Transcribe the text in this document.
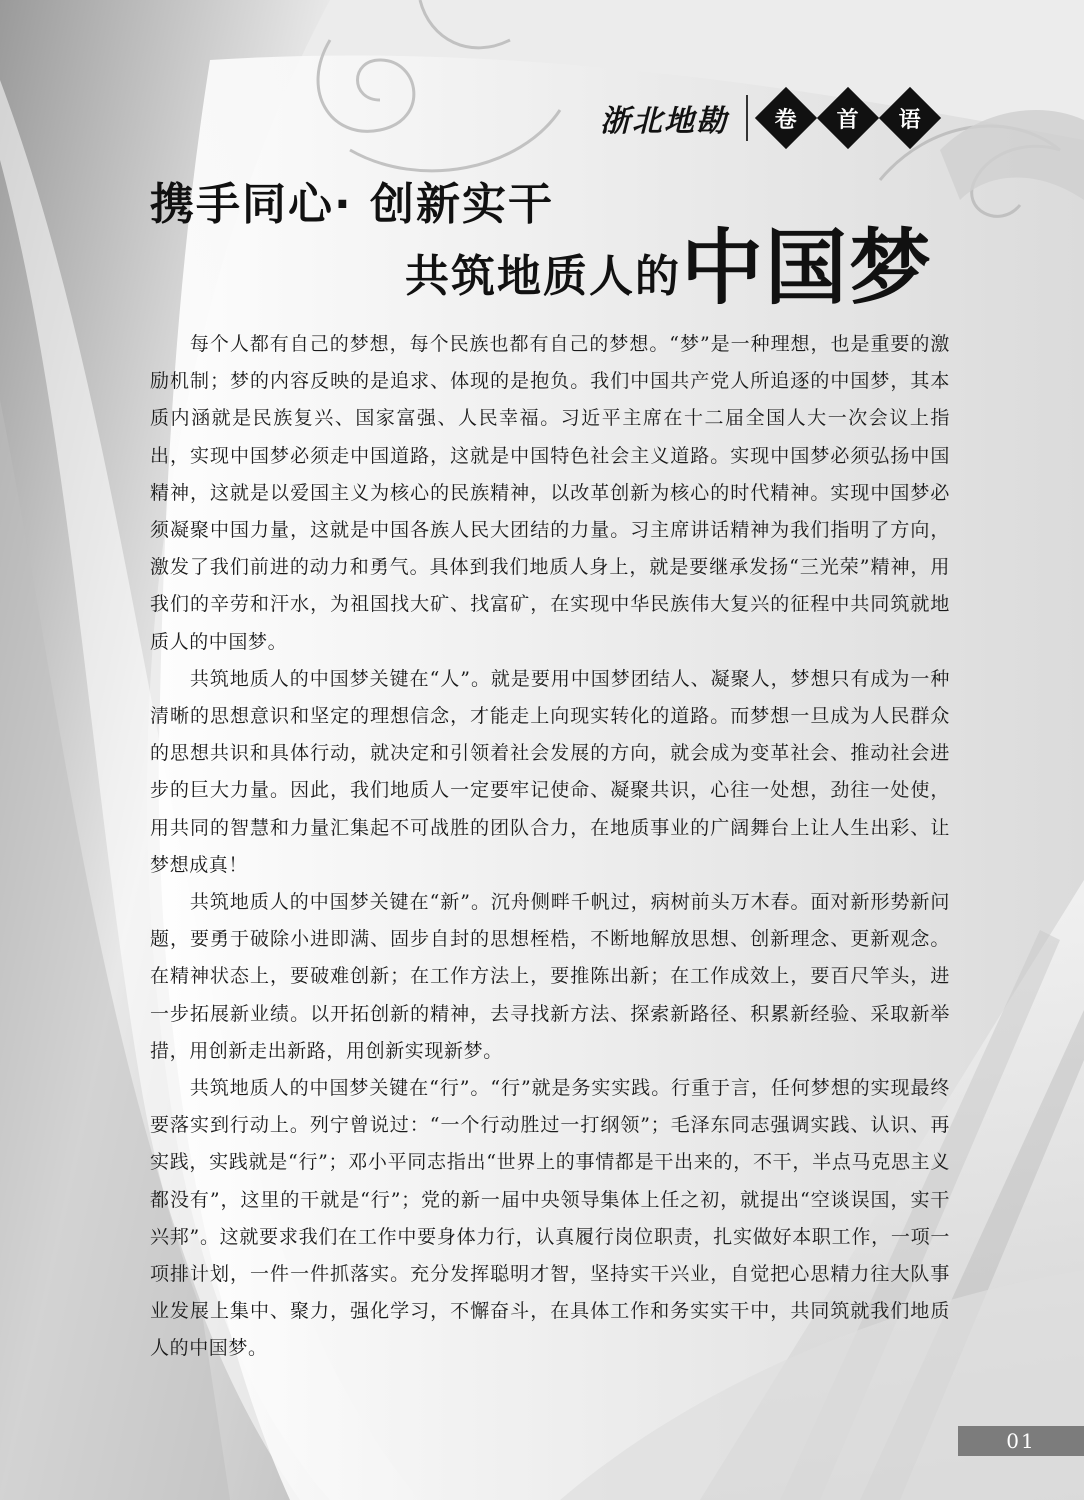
浙北地勘 卷 首 语
携手同心· 创新实干
共筑地质人的 中国梦

每个人都有自己的梦想，每个民族也都有自己的梦想。“梦”是一种理想，也是重要的激励机制；梦的内容反映的是追求、体现的是抱负。我们中国共产党人所追逐的中国梦，其本质内涵就是民族复兴、国家富强、人民幸福。习近平主席在十二届全国人大一次会议上指出，实现中国梦必须走中国道路，这就是中国特色社会主义道路。实现中国梦必须弘扬中国精神，这就是以爱国主义为核心的民族精神，以改革创新为核心的时代精神。实现中国梦必须凝聚中国力量，这就是中国各族人民大团结的力量。习主席讲话精神为我们指明了方向，激发了我们前进的动力和勇气。具体到我们地质人身上，就是要继承发扬“三光荣”精神，用我们的辛劳和汗水，为祖国找大矿、找富矿，在实现中华民族伟大复兴的征程中共同筑就地质人的中国梦。

共筑地质人的中国梦关键在“人”。就是要用中国梦团结人、凝聚人，梦想只有成为一种清晰的思想意识和坚定的理想信念，才能走上向现实转化的道路。而梦想一旦成为人民群众的思想共识和具体行动，就决定和引领着社会发展的方向，就会成为变革社会、推动社会进步的巨大力量。因此，我们地质人一定要牢记使命、凝聚共识，心往一处想，劲往一处使，用共同的智慧和力量汇集起不可战胜的团队合力，在地质事业的广阔舞台上让人生出彩、让梦想成真！

共筑地质人的中国梦关键在“新”。沉舟侧畔千帆过，病树前头万木春。面对新形势新问题，要勇于破除小进即满、固步自封的思想桎梏，不断地解放思想、创新理念、更新观念。在精神状态上，要破难创新；在工作方法上，要推陈出新；在工作成效上，要百尺竿头，进一步拓展新业绩。以开拓创新的精神，去寻找新方法、探索新路径、积累新经验、采取新举措，用创新走出新路，用创新实现新梦。

共筑地质人的中国梦关键在“行”。“行”就是务实实践。行重于言，任何梦想的实现最终要落实到行动上。列宁曾说过：“一个行动胜过一打纲领”；毛泽东同志强调实践、认识、再实践，实践就是“行”；邓小平同志指出“世界上的事情都是干出来的，不干，半点马克思主义都没有”，这里的干就是“行”；党的新一届中央领导集体上任之初，就提出“空谈误国，实干兴邦”。这就要求我们在工作中要身体力行，认真履行岗位职责，扎实做好本职工作，一项一项排计划，一件一件抓落实。充分发挥聪明才智，坚持实干兴业，自觉把心思精力往大队事业发展上集中、聚力，强化学习，不懈奋斗，在具体工作和务实实干中，共同筑就我们地质人的中国梦。

01
